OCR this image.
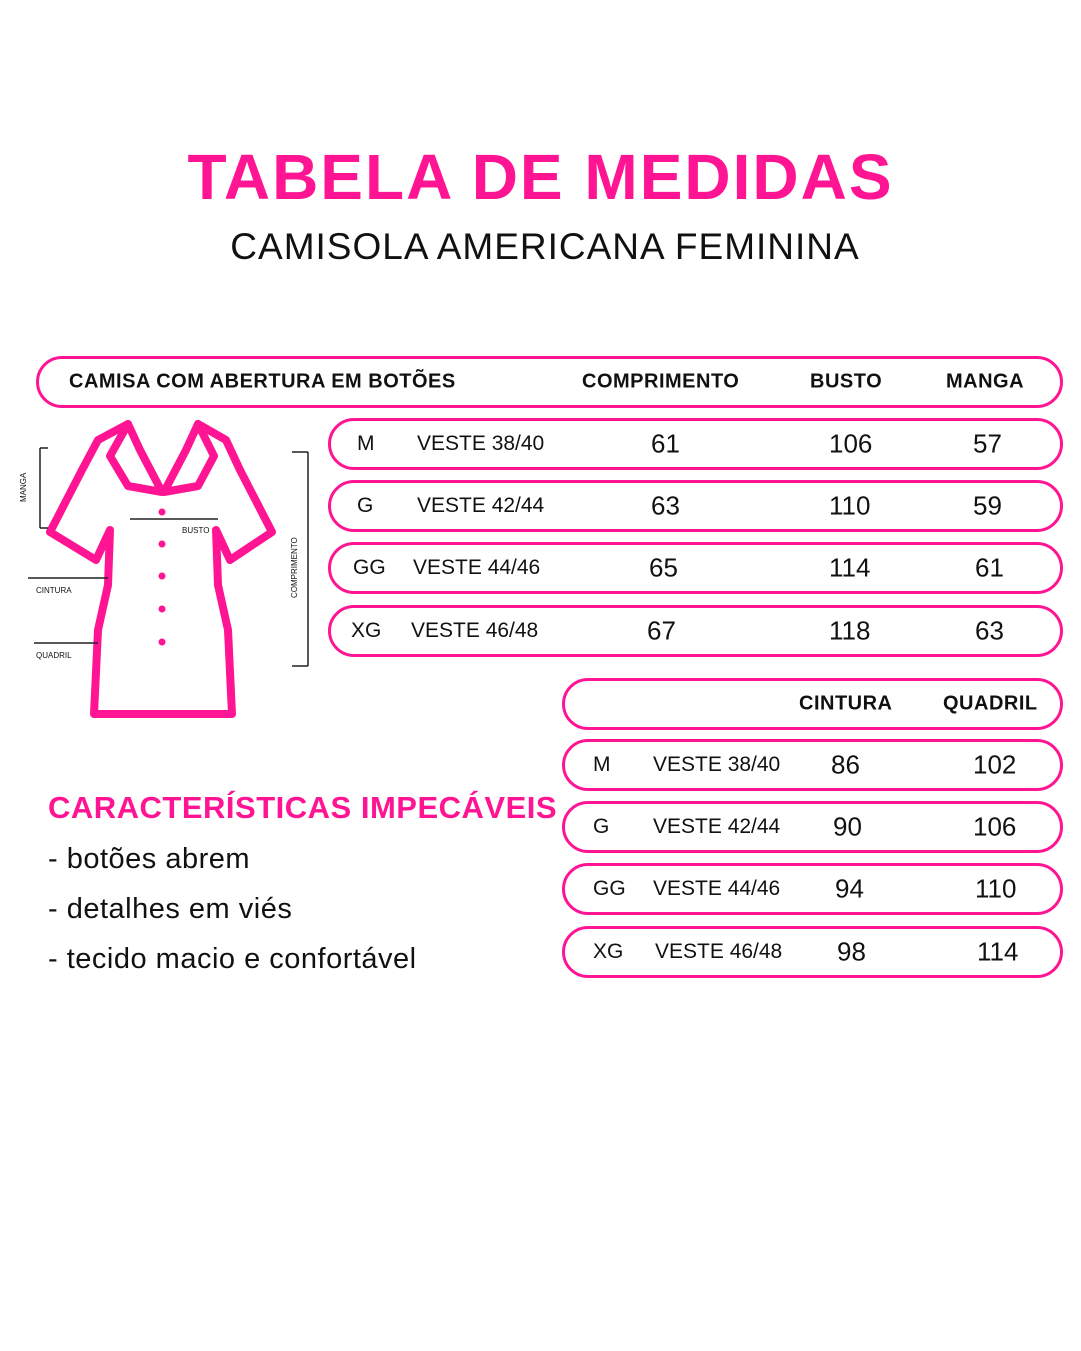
TABELA DE MEDIDAS
CAMISOLA AMERICANA FEMININA
CAMISA COM ABERTURA EM BOTÕES	COMPRIMENTO	BUSTO	MANGA
M VESTE 38/40	61	106	57
G VESTE 42/44	63	110	59
GG VESTE 44/46	65	114	61
XG VESTE 46/48	67	118	63
CINTURA	QUADRIL
M VESTE 38/40 86	102
G VESTE 42/44 90	106
GG VESTE 44/46 94	110
XG VESTE 46/48 98	114
MANGA
BUSTO
CINTURA
QUADRIL
COMPRIMENTO
CARACTERÍSTICAS IMPECÁVEIS
- botões abrem
- detalhes em viés
- tecido macio e confortável
